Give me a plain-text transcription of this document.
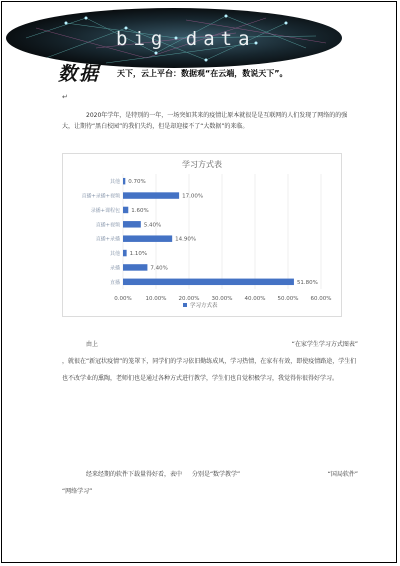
big data
数据 天下，云上平台：数据观“在云端，数说天下”。
↵
2020年学年，是特别的一年，一场突如其来的疫情让原本就很是是互联网的人们发现了网络的的强大，让期待“黑白校园”的我们失约，但是却迎接不了“大数据”的来临。
学习方式表
0.00%	10.00% 20.00% 30.00% 40.00% 50.00% 60.00%
0.70%
其他
17.00%
直播+录播+视频
1.60%
录播+课程包
5.40%
直播+视频
14.90%
直播+录播
1.10%
其他
7.40%
录播
51.80%
直播
学习方式表
由上	“在家学生学习方式图表”

，就很在“新冠状疫情”的笼罩下，同学们的学习依旧勤练成风，学习热情，在家有有效，即使疫情路途，学生们也不改学业的熏陶，老师们也是通过各种方式进行教学，学生们也自觉积极学习，我觉得你很得好学习。
经来经期的软件下载量得好看，表中 分别是“数学教学”	“国局软件”

“网络学习”
